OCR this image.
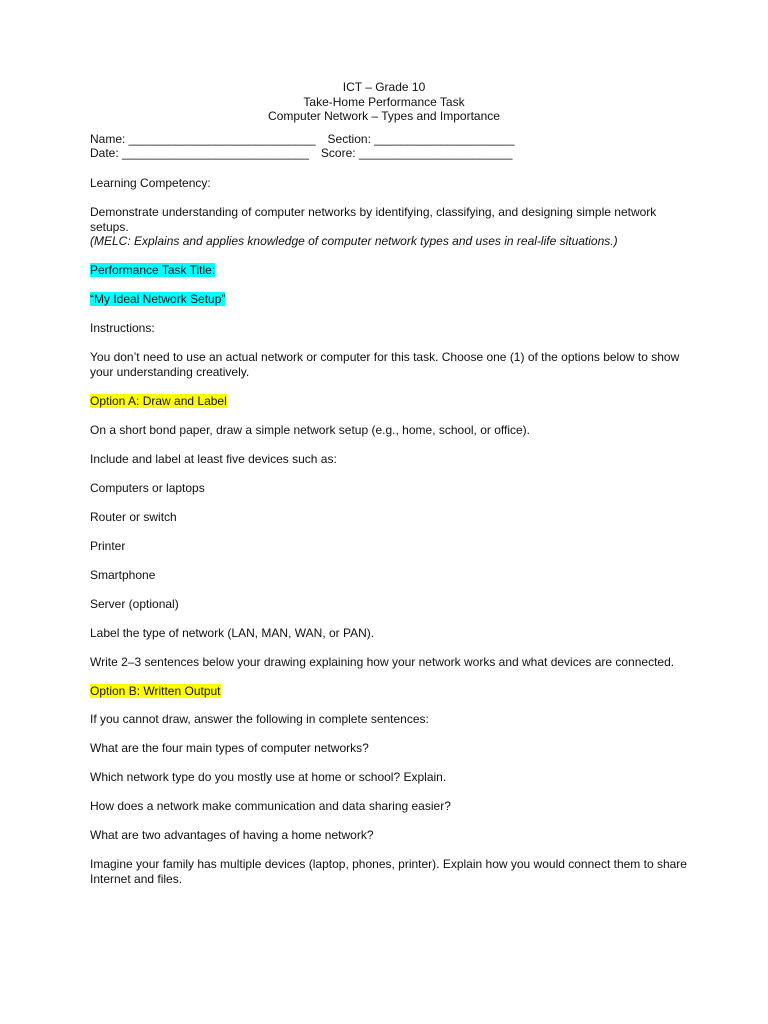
ICT – Grade 10
Take-Home Performance Task
Computer Network – Types and Importance
Name: ____________________________ Section: _____________________
Date: ____________________________ Score: _______________________

Learning Competency:

Demonstrate understanding of computer networks by identifying, classifying, and designing simple network setups.
(MELC: Explains and applies knowledge of computer network types and uses in real-life situations.)

Performance Task Title:

“My Ideal Network Setup”

Instructions:

You don’t need to use an actual network or computer for this task. Choose one (1) of the options below to show your understanding creatively.

Option A: Draw and Label

On a short bond paper, draw a simple network setup (e.g., home, school, or office).

Include and label at least five devices such as:

Computers or laptops

Router or switch

Printer

Smartphone

Server (optional)

Label the type of network (LAN, MAN, WAN, or PAN).

Write 2–3 sentences below your drawing explaining how your network works and what devices are connected.

Option B: Written Output

If you cannot draw, answer the following in complete sentences:

What are the four main types of computer networks?

Which network type do you mostly use at home or school? Explain.

How does a network make communication and data sharing easier?

What are two advantages of having a home network?

Imagine your family has multiple devices (laptop, phones, printer). Explain how you would connect them to share Internet and files.
